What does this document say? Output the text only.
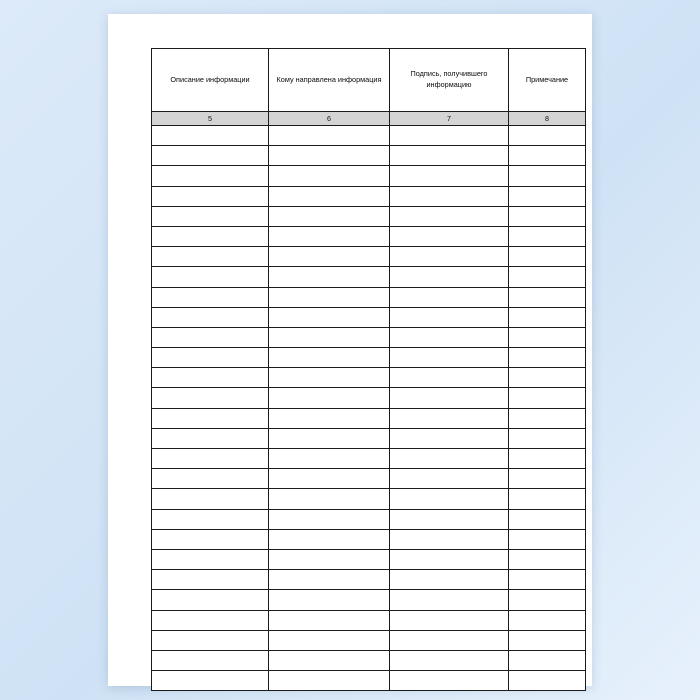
Описание информации	Кому направлена информация	Подпись, получившего информацию	Примечание
5	6	7	8
